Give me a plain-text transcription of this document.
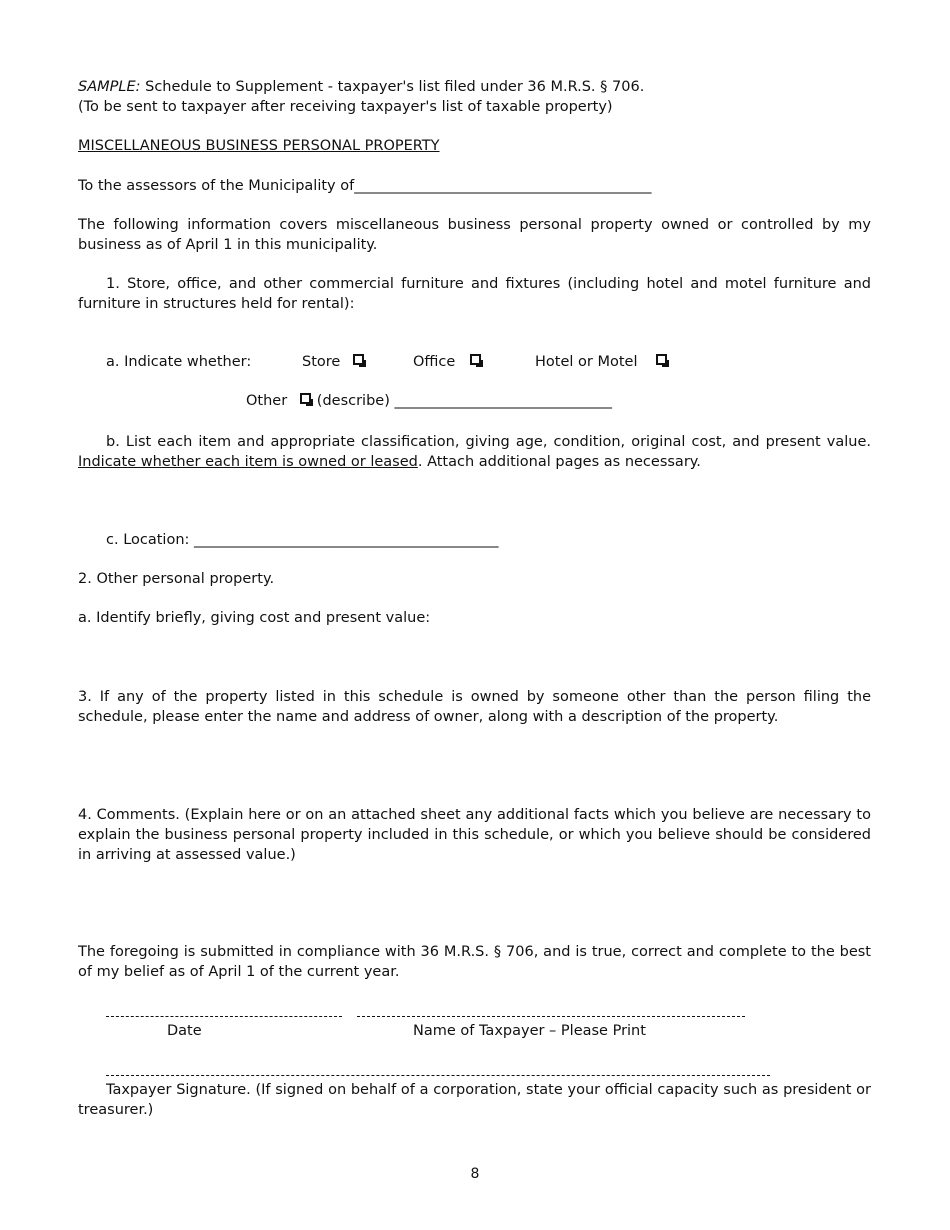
SAMPLE: Schedule to Supplement - taxpayer's list filed under 36 M.R.S. § 706.
(To be sent to taxpayer after receiving taxpayer's list of taxable property)
MISCELLANEOUS BUSINESS PERSONAL PROPERTY
To the assessors of the Municipality of_________________________________________
The following information covers miscellaneous business personal property owned or controlled by my business as of April 1 in this municipality.
1. Store, office, and other commercial furniture and fixtures (including hotel and motel furniture and furniture in structures held for rental):
a. Indicate whether:	Store	Office	Hotel or Motel
Other (describe) ______________________________
b. List each item and appropriate classification, giving age, condition, original cost, and present value. Indicate whether each item is owned or leased. Attach additional pages as necessary.
c. Location: __________________________________________
2. Other personal property.
a. Identify briefly, giving cost and present value:
3. If any of the property listed in this schedule is owned by someone other than the person filing the schedule, please enter the name and address of owner, along with a description of the property.
4. Comments. (Explain here or on an attached sheet any additional facts which you believe are necessary to explain the business personal property included in this schedule, or which you believe should be considered in arriving at assessed value.)
The foregoing is submitted in compliance with 36 M.R.S. § 706, and is true, correct and complete to the best of my belief as of April 1 of the current year.
Date	Name of Taxpayer – Please Print
Taxpayer Signature. (If signed on behalf of a corporation, state your official capacity such as president or treasurer.)
8
